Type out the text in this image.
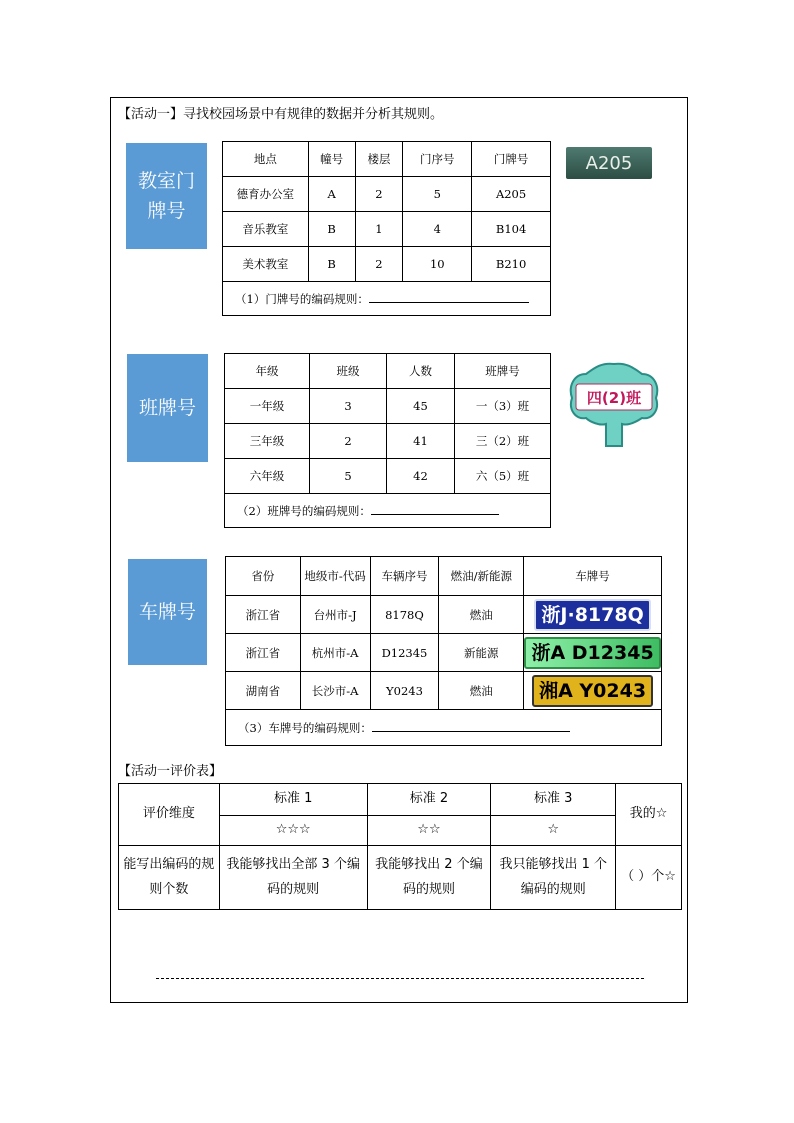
【活动一】寻找校园场景中有规律的数据并分析其规则。
教室门
牌号
地点	幢号	楼层	门序号	门牌号
德育办公室	A	2	5	A205
音乐教室	B	1	4	B104
美术教室	B	2	10	B210
（1）门牌号的编码规则：				
A205
班牌号
年级	班级	人数	班牌号
一年级	3	45	一（3）班
三年级	2	41	三（2）班
六年级	5	42	六（5）班
（2）班牌号的编码规则：			
四(2)班
车牌号
省份	地级市-代码	车辆序号	燃油/新能源	车牌号
浙江省	台州市-J	8178Q	燃油	浙J·8178Q
浙江省	杭州市-A	D12345	新能源	浙A D12345
湖南省	长沙市-A	Y0243	燃油	湘A Y0243
（3）车牌号的编码规则：				
【活动一评价表】
评价维度	标准 1	标准 2	标准 3	我的☆
	☆☆☆	☆☆	☆	
能写出编码的规则个数	我能够找出全部 3 个编码的规则	我能够找出 2 个编码的规则	我只能够找出 1 个编码的规则	（ ）个☆
